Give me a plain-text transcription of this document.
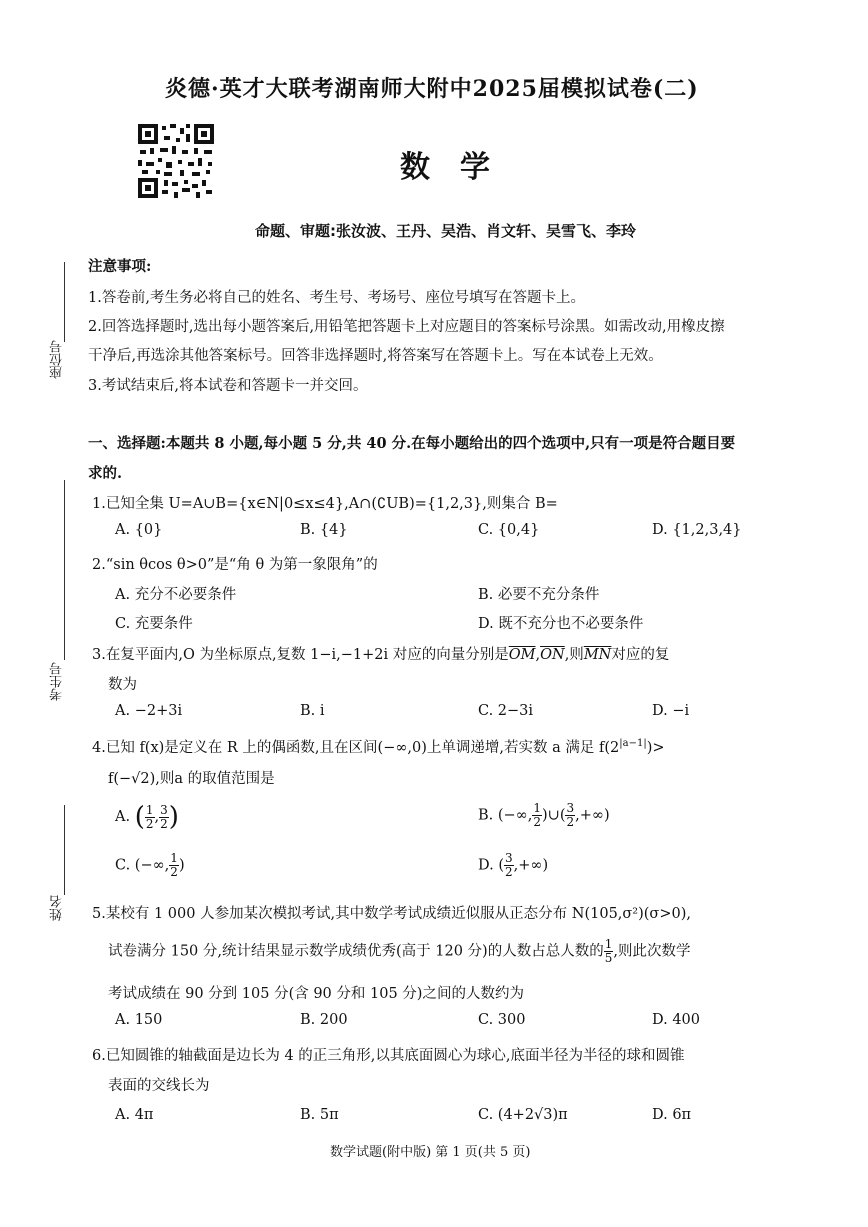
炎德·英才大联考湖南师大附中2025届模拟试卷(二)
数学
命题、审题:张汝波、王丹、吴浩、肖文轩、吴雪飞、李玲
座位号
考生号
姓名
注意事项:
1.答卷前,考生务必将自己的姓名、考生号、考场号、座位号填写在答题卡上。
2.回答选择题时,选出每小题答案后,用铅笔把答题卡上对应题目的答案标号涂黑。如需改动,用橡皮擦
干净后,再选涂其他答案标号。回答非选择题时,将答案写在答题卡上。写在本试卷上无效。
3.考试结束后,将本试卷和答题卡一并交回。
一、选择题:本题共 8 小题,每小题 5 分,共 40 分.在每小题给出的四个选项中,只有一项是符合题目要
求的.
1.已知全集 U=A∪B={x∈N|0≤x≤4},A∩(∁UB)={1,2,3},则集合 B=
A. {0}	B. {4}	C. {0,4}	D. {1,2,3,4}
2.“sin θcos θ>0”是“角 θ 为第一象限角”的
A. 充分不必要条件	B. 必要不充分条件
C. 充要条件	D. 既不充分也不必要条件
3.在复平面内,O 为坐标原点,复数 1−i,−1+2i 对应的向量分别是$\overline{OM},\overline{ON}$,则$\overline{MN}$对应的复
数为
A. −2+3i	B. i	C. 2−3i	D. −i
4.已知 f(x)是定义在 R 上的偶函数,且在区间(−∞,0)上单调递增,若实数 a 满足 $f(2^{|a-1|})>$
f(−√2),则a 的取值范围是
A. ( $\frac{1}{2}$ , $\frac{3}{2}$ )	B. (−∞, $\frac{1}{2}$ )∪( $\frac{3}{2}$ ,+∞)
C. (−∞, $\frac{1}{2}$ )	D. ( $\frac{3}{2}$ ,+∞)
5.某校有 1 000 人参加某次模拟考试,其中数学考试成绩近似服从正态分布 N(105,σ²)(σ>0),
试卷满分 150 分,统计结果显示数学成绩优秀(高于 120 分)的人数占总人数的 $\frac{1}{5}$ ,则此次数学
考试成绩在 90 分到 105 分(含 90 分和 105 分)之间的人数约为
A. 150	B. 200	C. 300	D. 400
6.已知圆锥的轴截面是边长为 4 的正三角形,以其底面圆心为球心,底面半径为半径的球和圆锥
表面的交线长为
A. 4π	B. 5π	C. (4+2√3)π	D. 6π
数学试题(附中版) 第 1 页(共 5 页)
